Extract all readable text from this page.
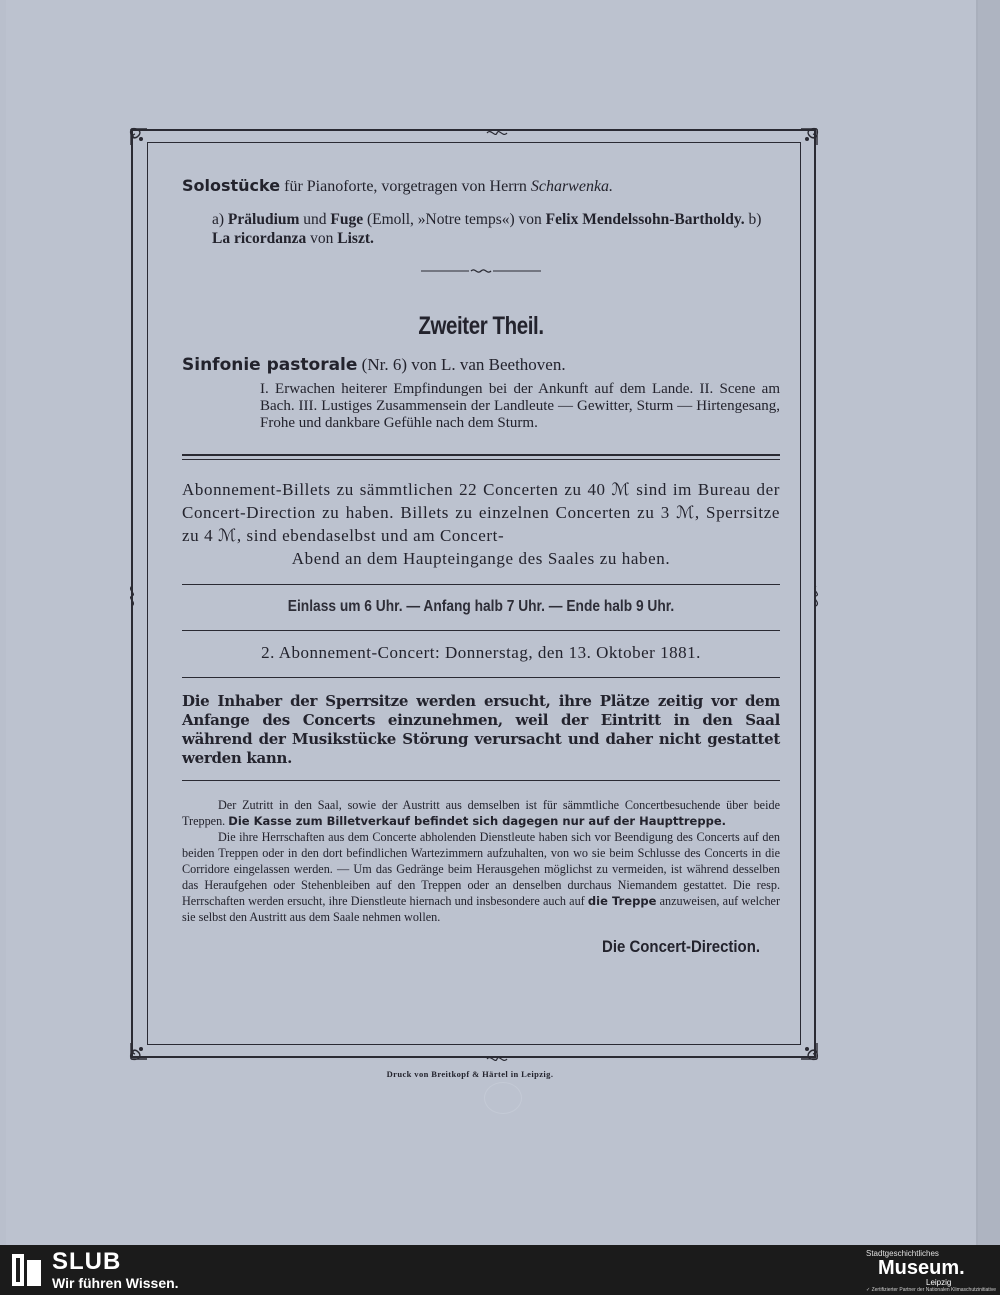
Solostücke für Pianoforte, vorgetragen von Herrn Scharwenka.
a) Präludium und Fuge (Emoll, »Notre temps«) von Felix Mendelssohn-Bartholdy. b) La ricordanza von Liszt.
Zweiter Theil.
Sinfonie pastorale (Nr. 6) von L. van Beethoven.
I. Erwachen heiterer Empfindungen bei der Ankunft auf dem Lande. II. Scene am Bach. III. Lustiges Zusammensein der Landleute — Gewitter, Sturm — Hirtengesang, Frohe und dankbare Gefühle nach dem Sturm.
Abonnement-Billets zu sämmtlichen 22 Concerten zu 40 ℳ sind im Bureau der Concert-Direction zu haben. Billets zu einzelnen Concerten zu 3 ℳ, Sperrsitze zu 4 ℳ, sind ebendaselbst und am Concert-
Abend an dem Haupteingange des Saales zu haben.
Einlass um 6 Uhr. — Anfang halb 7 Uhr. — Ende halb 9 Uhr.
2. Abonnement-Concert: Donnerstag, den 13. Oktober 1881.
Die Inhaber der Sperrsitze werden ersucht, ihre Plätze zeitig vor dem Anfange des Concerts einzunehmen, weil der Eintritt in den Saal während der Musikstücke Störung verursacht und daher nicht gestattet werden kann.

Der Zutritt in den Saal, sowie der Austritt aus demselben ist für sämmtliche Concertbesuchende über beide Treppen. Die Kasse zum Billetverkauf befindet sich dagegen nur auf der Haupttreppe.

Die ihre Herrschaften aus dem Concerte abholenden Dienstleute haben sich vor Beendigung des Concerts auf den beiden Treppen oder in den dort befindlichen Wartezimmern aufzuhalten, von wo sie beim Schlusse des Concerts in die Corridore eingelassen werden. — Um das Gedränge beim Herausgehen möglichst zu vermeiden, ist während desselben das Heraufgehen oder Stehenbleiben auf den Treppen oder an denselben durchaus Niemandem gestattet. Die resp. Herrschaften werden ersucht, ihre Dienstleute hiernach und insbesondere auch auf die Treppe anzuweisen, auf welcher sie selbst den Austritt aus dem Saale nehmen wollen.

Die Concert-Direction.
Druck von Breitkopf & Härtel in Leipzig.
SLUB
Wir führen Wissen.
Stadtgeschichtliches
Museum.
Leipzig
✓ Zertifizierter Partner der Nationalen Klimaschutzinitiative
